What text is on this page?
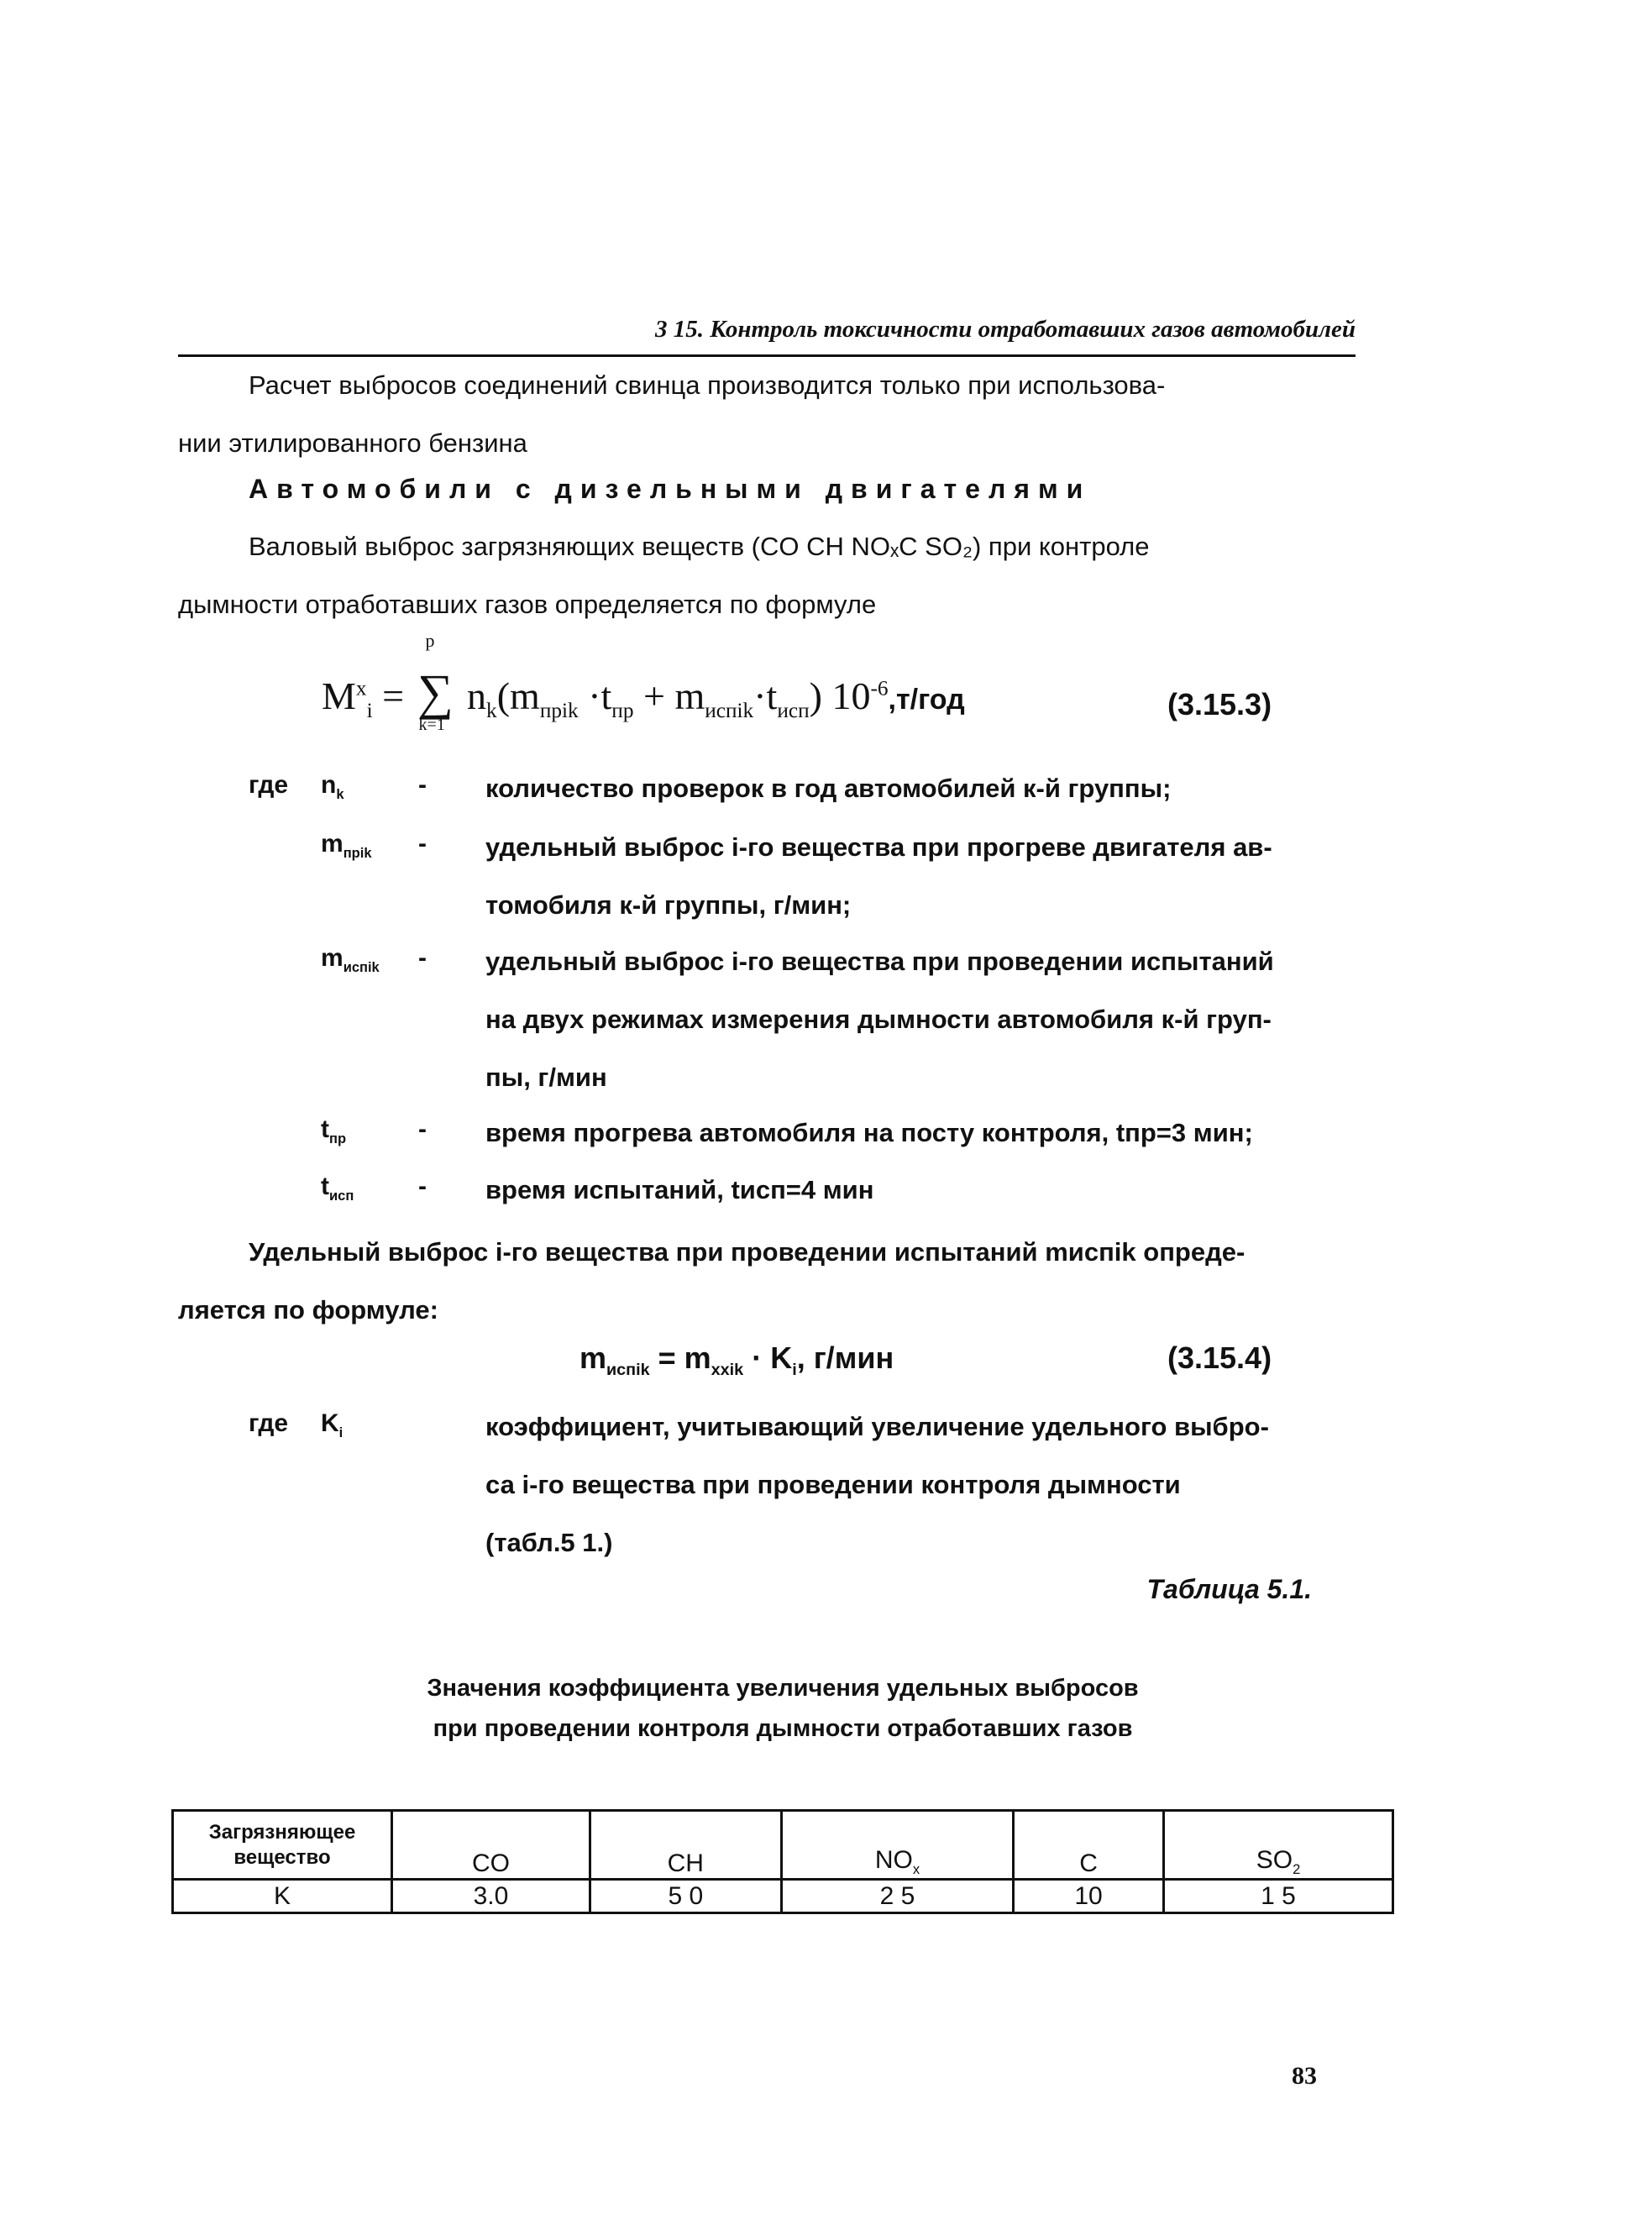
3 15. Контроль токсичности отработавших газов автомобилей
Расчет выбросов соединений свинца производится только при использова-
нии этилированного бензина
Автомобили с дизельными двигателями
Валовый выброс загрязняющих веществ (CO CH NOₓC SO₂) при контроле
дымности отработавших газов определяется по формуле
$M^x_i$ =
p
∑
k=1
$n_k(m_{прik} \cdot t_{пр} + m_{испik}\cdot t_{исп})$ $10^{-6},т$/год	(3.15.3)
где $n_k$	- количество проверок в год автомобилей к-й группы;
$m_{прik}$ - удельный выброс i-го вещества при прогреве двигателя ав-
томобиля к-й группы, г/мин;
$m_{испik}$ - удельный выброс i-го вещества при проведении испытаний
на двух режимах измерения дымности автомобиля к-й груп-
пы, г/мин
$t_{пр}$	- время прогрева автомобиля на посту контроля, tпр=3 мин;
$t_{исп}$	- время испытаний, tисп=4 мин
Удельный выброс i-го вещества при проведении испытаний mиспik опреде-
ляется по формуле:
$m_{испik} = m_{xxik} \cdot K_i$, г/мин	(3.15.4)
где $K_i$	коэффициент, учитывающий увеличение удельного выбро-
са i-го вещества при проведении контроля дымности
(табл.5 1.)
Таблица 5.1.
Значения коэффициента увеличения удельных выбросов
при проведении контроля дымности отработавших газов
Загрязняющее
вещество	CO	CH	$NO_x$	C	$SO_2$
K	3.0	5 0	2 5	10	1 5
83
